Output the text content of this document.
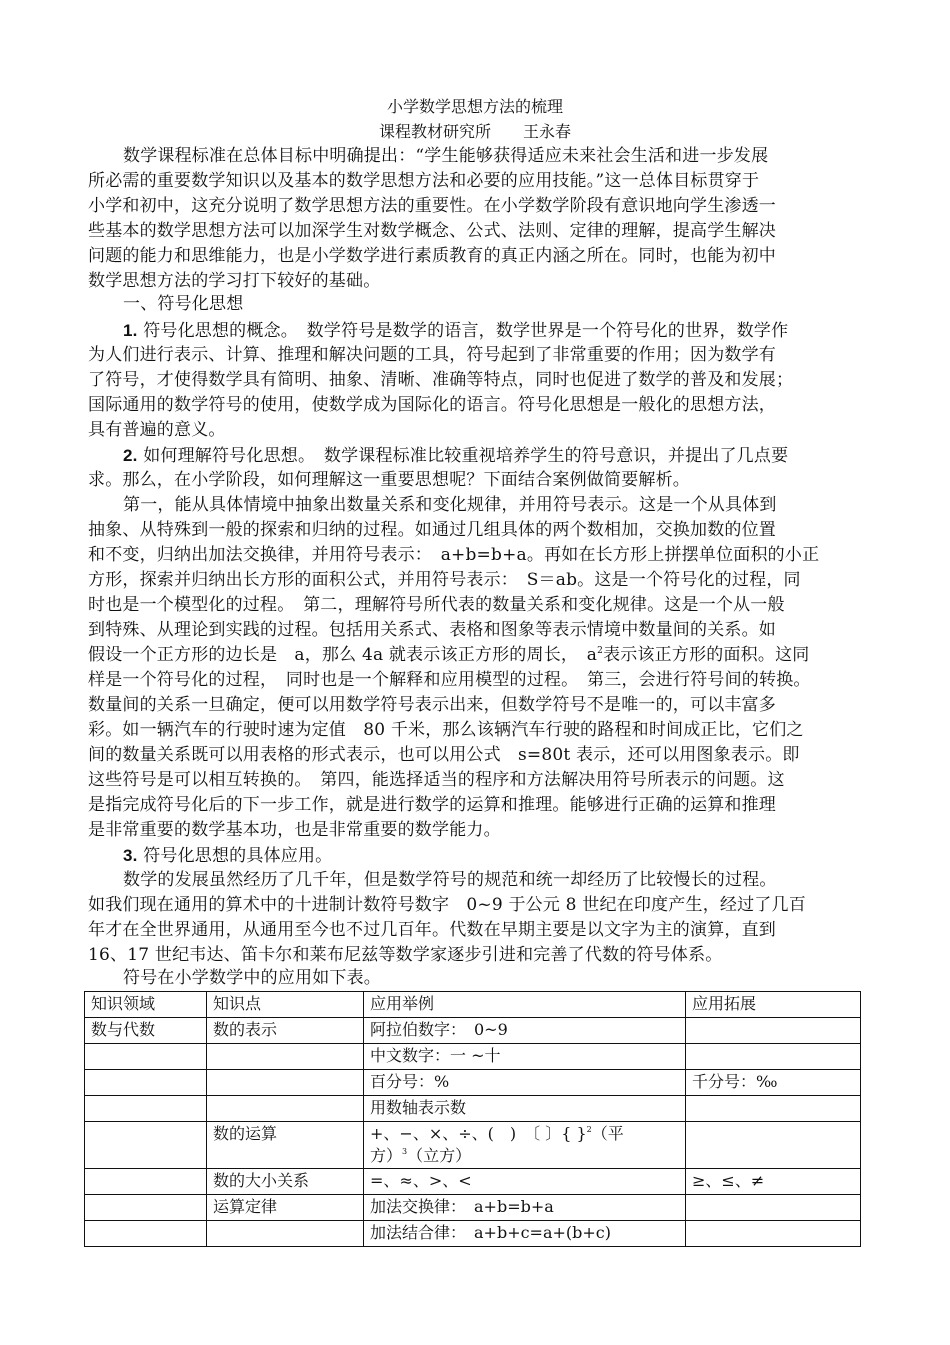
小学数学思想方法的梳理
课程教材研究所　　王永春
数学课程标准在总体目标中明确提出：“学生能够获得适应未来社会生活和进一步发展
所必需的重要数学知识以及基本的数学思想方法和必要的应用技能。”这一总体目标贯穿于
小学和初中，这充分说明了数学思想方法的重要性。在小学数学阶段有意识地向学生渗透一
些基本的数学思想方法可以加深学生对数学概念、公式、法则、定律的理解，提高学生解决
问题的能力和思维能力，也是小学数学进行素质教育的真正内涵之所在。同时，也能为初中
数学思想方法的学习打下较好的基础。
一、符号化思想
1. 符号化思想的概念。　数学符号是数学的语言，数学世界是一个符号化的世界，数学作
为人们进行表示、计算、推理和解决问题的工具，符号起到了非常重要的作用；因为数学有
了符号，才使得数学具有简明、抽象、清晰、准确等特点，同时也促进了数学的普及和发展；
国际通用的数学符号的使用，使数学成为国际化的语言。符号化思想是一般化的思想方法，
具有普遍的意义。
2. 如何理解符号化思想。　数学课程标准比较重视培养学生的符号意识，并提出了几点要
求。那么，在小学阶段，如何理解这一重要思想呢？下面结合案例做简要解析。
第一，能从具体情境中抽象出数量关系和变化规律，并用符号表示。这是一个从具体到
抽象、从特殊到一般的探索和归纳的过程。如通过几组具体的两个数相加，交换加数的位置
和不变，归纳出加法交换律，并用符号表示：　a+b=b+a。再如在长方形上拼摆单位面积的小正
方形，探索并归纳出长方形的面积公式，并用符号表示：　S＝ab。这是一个符号化的过程，同
时也是一个模型化的过程。　第二，理解符号所代表的数量关系和变化规律。这是一个从一般
到特殊、从理论到实践的过程。包括用关系式、表格和图象等表示情境中数量间的关系。如
假设一个正方形的边长是　a，那么 4a 就表示该正方形的周长，　$a^2$表示该正方形的面积。这同
样是一个符号化的过程，　同时也是一个解释和应用模型的过程。　第三，会进行符号间的转换。
数量间的关系一旦确定，便可以用数学符号表示出来，但数学符号不是唯一的，可以丰富多
彩。如一辆汽车的行驶时速为定值　80 千米，那么该辆汽车行驶的路程和时间成正比，它们之
间的数量关系既可以用表格的形式表示，也可以用公式　s=80t 表示，还可以用图象表示。即
这些符号是可以相互转换的。　第四，能选择适当的程序和方法解决用符号所表示的问题。这
是指完成符号化后的下一步工作，就是进行数学的运算和推理。能够进行正确的运算和推理
是非常重要的数学基本功，也是非常重要的数学能力。
3. 符号化思想的具体应用。
数学的发展虽然经历了几千年，但是数学符号的规范和统一却经历了比较慢长的过程。
如我们现在通用的算术中的十进制计数符号数字　0~9 于公元 8 世纪在印度产生，经过了几百
年才在全世界通用，从通用至今也不过几百年。代数在早期主要是以文字为主的演算，直到
16、17 世纪韦达、笛卡尔和莱布尼兹等数学家逐步引进和完善了代数的符号体系。
符号在小学数学中的应用如下表。
知识领域	知识点	应用举例	应用拓展
数与代数	数的表示	阿拉伯数字：　0~9	
		中文数字：一 ~十	
		百分号：%	千分号：‰
		用数轴表示数	
	数的运算	+、−、×、÷、(　)　〔 〕{ }$^2$（平
方）$^3$（立方）	

	数的大小关系	=、≈、>、<	≥、≤、≠
	运算定律	加法交换律：　a+b=b+a	
		加法结合律：　a+b+c=a+(b+c)	
